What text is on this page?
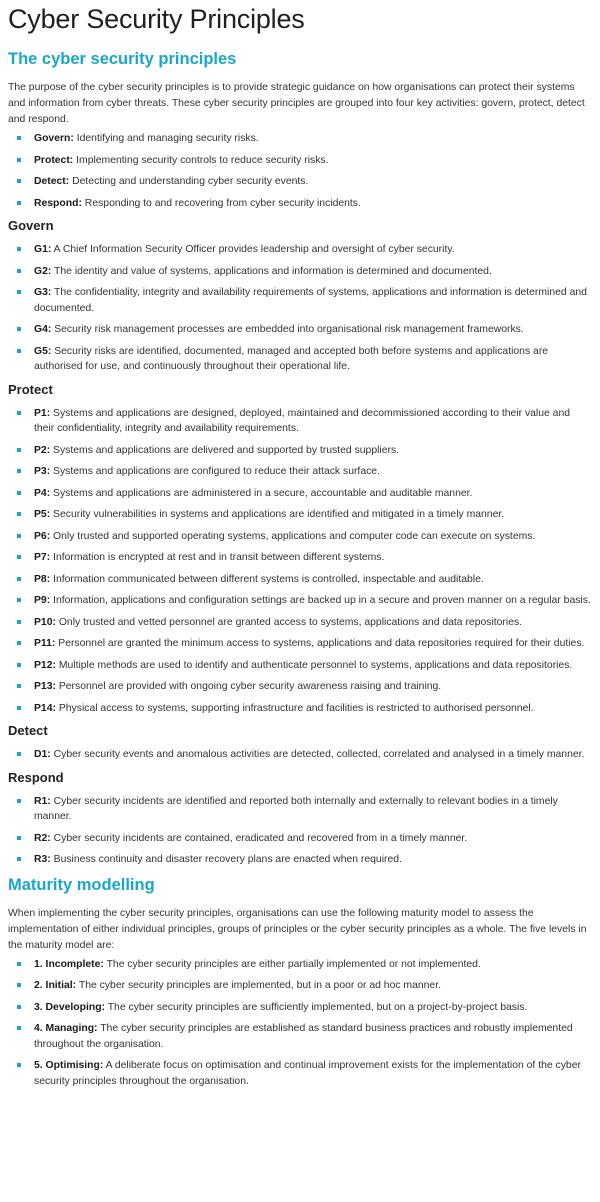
Cyber Security Principles
The cyber security principles

The purpose of the cyber security principles is to provide strategic guidance on how organisations can protect their systems and information from cyber threats. These cyber security principles are grouped into four key activities: govern, protect, detect and respond.

Govern: Identifying and managing security risks.
Protect: Implementing security controls to reduce security risks.
Detect: Detecting and understanding cyber security events.
Respond: Responding to and recovering from cyber security incidents.
Govern
G1: A Chief Information Security Officer provides leadership and oversight of cyber security.
G2: The identity and value of systems, applications and information is determined and documented.
G3: The confidentiality, integrity and availability requirements of systems, applications and information is determined and documented.
G4: Security risk management processes are embedded into organisational risk management frameworks.
G5: Security risks are identified, documented, managed and accepted both before systems and applications are authorised for use, and continuously throughout their operational life.
Protect
P1: Systems and applications are designed, deployed, maintained and decommissioned according to their value and their confidentiality, integrity and availability requirements.
P2: Systems and applications are delivered and supported by trusted suppliers.
P3: Systems and applications are configured to reduce their attack surface.
P4: Systems and applications are administered in a secure, accountable and auditable manner.
P5: Security vulnerabilities in systems and applications are identified and mitigated in a timely manner.
P6: Only trusted and supported operating systems, applications and computer code can execute on systems.
P7: Information is encrypted at rest and in transit between different systems.
P8: Information communicated between different systems is controlled, inspectable and auditable.
P9: Information, applications and configuration settings are backed up in a secure and proven manner on a regular basis.
P10: Only trusted and vetted personnel are granted access to systems, applications and data repositories.
P11: Personnel are granted the minimum access to systems, applications and data repositories required for their duties.
P12: Multiple methods are used to identify and authenticate personnel to systems, applications and data repositories.
P13: Personnel are provided with ongoing cyber security awareness raising and training.
P14: Physical access to systems, supporting infrastructure and facilities is restricted to authorised personnel.
Detect
D1: Cyber security events and anomalous activities are detected, collected, correlated and analysed in a timely manner.
Respond
R1: Cyber security incidents are identified and reported both internally and externally to relevant bodies in a timely manner.
R2: Cyber security incidents are contained, eradicated and recovered from in a timely manner.
R3: Business continuity and disaster recovery plans are enacted when required.
Maturity modelling

When implementing the cyber security principles, organisations can use the following maturity model to assess the implementation of either individual principles, groups of principles or the cyber security principles as a whole. The five levels in the maturity model are:

1. Incomplete: The cyber security principles are either partially implemented or not implemented.
2. Initial: The cyber security principles are implemented, but in a poor or ad hoc manner.
3. Developing: The cyber security principles are sufficiently implemented, but on a project-by-project basis.
4. Managing: The cyber security principles are established as standard business practices and robustly implemented throughout the organisation.
5. Optimising: A deliberate focus on optimisation and continual improvement exists for the implementation of the cyber security principles throughout the organisation.
